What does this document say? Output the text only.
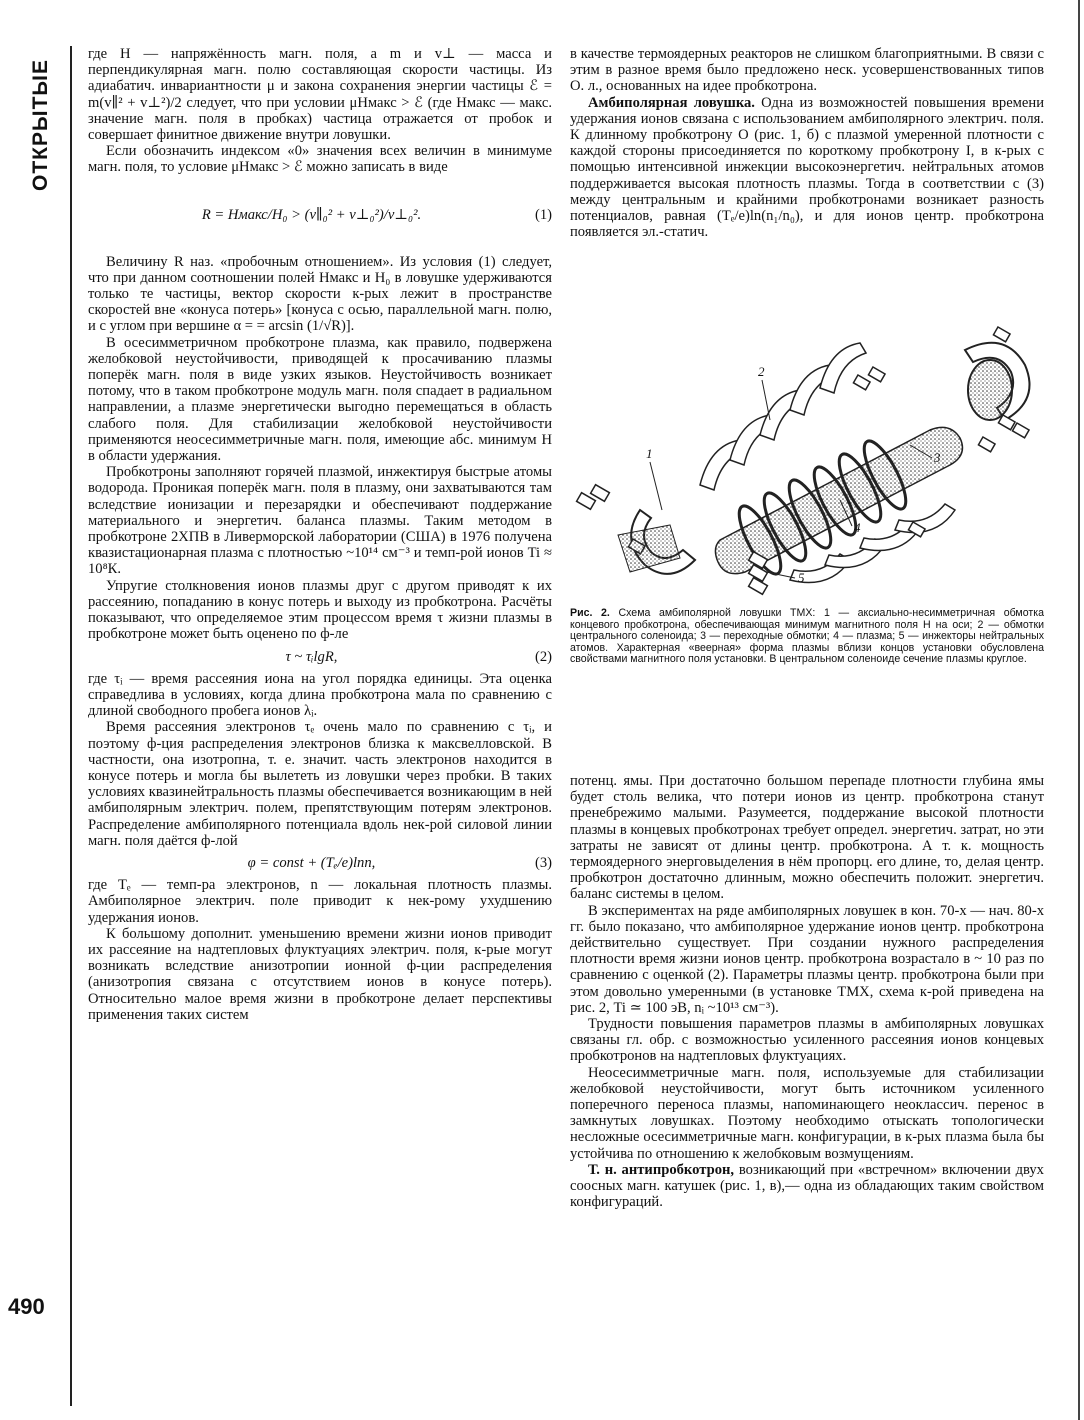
ОТКРЫТЫЕ
490

где H — напряжённость магн. поля, а m и v⊥ — масса и перпендикулярная магн. полю составляющая скорости частицы. Из адиабатич. инвариантности μ и закона сохранения энергии частицы ℰ = m(v∥² + v⊥²)/2 следует, что при условии μHмакс > ℰ (где Hмакс — макс. значение магн. поля в пробках) частица отражается от пробок и совершает финитное движение внутри ловушки.

Если обозначить индексом «0» значения всех величин в минимуме магн. поля, то условие μHмакс > ℰ можно записать в виде

R = Hмакс/H₀ > (v∥₀² + v⊥₀²)/v⊥₀².	(1)

Величину R наз. «пробочным отношением». Из условия (1) следует, что при данном соотношении полей Hмакс и H₀ в ловушке удерживаются только те частицы, вектор скорости к-рых лежит в пространстве скоростей вне «конуса потерь» [конуса с осью, параллельной магн. полю, и с углом при вершине α = = arcsin (1/√R)].

В осесимметричном пробкотроне плазма, как правило, подвержена желобковой неустойчивости, приводящей к просачиванию плазмы поперёк магн. поля в виде узких языков. Неустойчивость возникает потому, что в таком пробкотроне модуль магн. поля спадает в радиальном направлении, а плазме энергетически выгодно перемещаться в область слабого поля. Для стабилизации желобковой неустойчивости применяются неосесимметричные магн. поля, имеющие абс. минимум H в области удержания.

Пробкотроны заполняют горячей плазмой, инжектируя быстрые атомы водорода. Проникая поперёк магн. поля в плазму, они захватываются там вследствие ионизации и перезарядки и обеспечивают поддержание материального и энергетич. баланса плазмы. Таким методом в пробкотроне 2ХПВ в Ливерморской лаборатории (США) в 1976 получена квазистационарная плазма с плотностью ~10¹⁴ см⁻³ и темп-рой ионов Ti ≈ 10⁸К.

Упругие столкновения ионов плазмы друг с другом приводят к их рассеянию, попаданию в конус потерь и выходу из пробкотрона. Расчёты показывают, что определяемое этим процессом время τ жизни плазмы в пробкотроне может быть оценено по ф-ле

τ ~ τᵢlgR,	(2)

где τᵢ — время рассеяния иона на угол порядка единицы. Эта оценка справедлива в условиях, когда длина пробкотрона мала по сравнению с длиной свободного пробега ионов λᵢ.

Время рассеяния электронов τₑ очень мало по сравнению с τᵢ, и поэтому ф-ция распределения электронов близка к максвелловской. В частности, она изотропна, т. е. значит. часть электронов находится в конусе потерь и могла бы вылететь из ловушки через пробки. В таких условиях квазинейтральность плазмы обеспечивается возникающим в ней амбиполярным электрич. полем, препятствующим потерям электронов. Распределение амбиполярного потенциала вдоль нек-рой силовой линии магн. поля даётся ф-лой

φ = const + (Tₑ/e)lnn,	(3)

где Tₑ — темп-ра электронов, n — локальная плотность плазмы. Амбиполярное электрич. поле приводит к нек-рому ухудшению удержания ионов.

К большому дополнит. уменьшению времени жизни ионов приводит их рассеяние на надтепловых флуктуациях электрич. поля, к-рые могут возникать вследствие анизотропии ионной ф-ции распределения (анизотропия связана с отсутствием ионов в конусе потерь). Относительно малое время жизни в пробкотроне делает перспективы применения таких систем

в качестве термоядерных реакторов не слишком благоприятными. В связи с этим в разное время было предложено неск. усовершенствованных типов О. л., основанных на идее пробкотрона.

Амбиполярная ловушка. Одна из возможностей повышения времени удержания ионов связана с использованием амбиполярного электрич. поля. К длинному пробкотрону O (рис. 1, б) с плазмой умеренной плотности с каждой стороны присоединяется по короткому пробкотрону I, в к-рых с помощью интенсивной инжекции высокоэнергетич. нейтральных атомов поддерживается высокая плотность плазмы. Тогда в соответствии с (3) между центральным и крайними пробкотронами возникает разность потенциалов, равная (Tₑ/e)ln(n₁/n₀), и для ионов центр. пробкотрона появляется эл.-статич.

1
2
3
4
5
Рис. 2. Схема амбиполярной ловушки TMX: 1 — аксиально-несимметричная обмотка концевого пробкотрона, обеспечивающая минимум магнитного поля H на оси; 2 — обмотки центрального соленоида; 3 — переходные обмотки; 4 — плазма; 5 — инжекторы нейтральных атомов. Характерная «веерная» форма плазмы вблизи концов установки обусловлена свойствами магнитного поля установки. В центральном соленоиде сечение плазмы круглое.

потенц. ямы. При достаточно большом перепаде плотности глубина ямы будет столь велика, что потери ионов из центр. пробкотрона станут пренебрежимо малыми. Разумеется, поддержание высокой плотности плазмы в концевых пробкотронах требует определ. энергетич. затрат, но эти затраты не зависят от длины центр. пробкотрона. А т. к. мощность термоядерного энерговыделения в нём пропорц. его длине, то, делая центр. пробкотрон достаточно длинным, можно обеспечить положит. энергетич. баланс системы в целом.

В экспериментах на ряде амбиполярных ловушек в кон. 70-х — нач. 80-х гг. было показано, что амбиполярное удержание ионов центр. пробкотрона действительно существует. При создании нужного распределения плотности время жизни ионов центр. пробкотрона возрастало в ~ 10 раз по сравнению с оценкой (2). Параметры плазмы центр. пробкотрона были при этом довольно умеренными (в установке TMX, схема к-рой приведена на рис. 2, Ti ≃ 100 эВ, nᵢ ~10¹³ см⁻³).

Трудности повышения параметров плазмы в амбиполярных ловушках связаны гл. обр. с возможностью усиленного рассеяния ионов концевых пробкотронов на надтепловых флуктуациях.

Неосесимметричные магн. поля, используемые для стабилизации желобковой неустойчивости, могут быть источником усиленного поперечного переноса плазмы, напоминающего неоклассич. перенос в замкнутых ловушках. Поэтому необходимо отыскать топологически несложные осесимметричные магн. конфигурации, в к-рых плазма была бы устойчива по отношению к желобковым возмущениям.

Т. н. антипробкотрон, возникающий при «встречном» включении двух соосных магн. катушек (рис. 1, в),— одна из обладающих таким свойством конфигураций.
